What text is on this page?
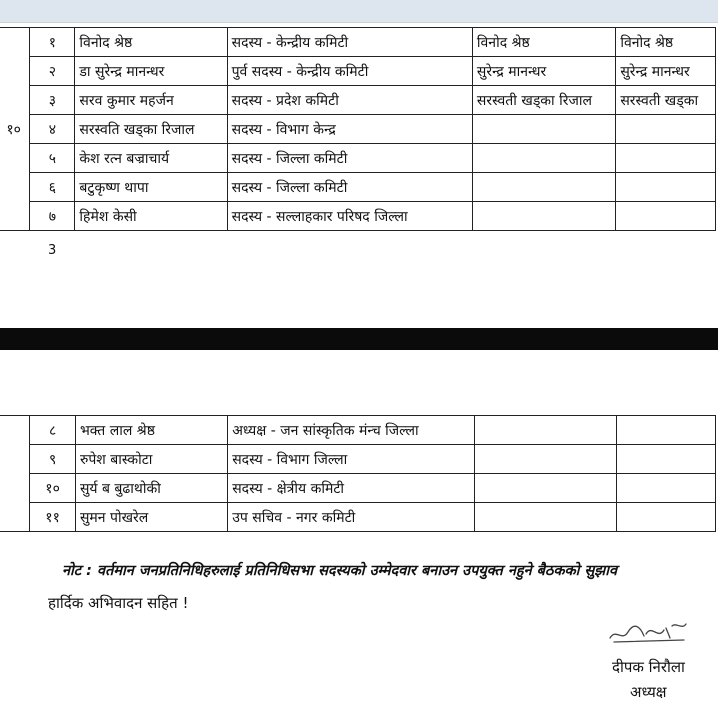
१०	१	विनोद श्रेष्ठ	सदस्य - केन्द्रीय कमिटी	विनोद श्रेष्ठ	विनोद श्रेष्ठ
	२	डा सुरेन्द्र मानन्धर	पुर्व सदस्य - केन्द्रीय कमिटी	सुरेन्द्र मानन्धर	सुरेन्द्र मानन्धर
	३	सरव कुमार महर्जन	सदस्य - प्रदेश कमिटी	सरस्वती खड्का रिजाल	सरस्वती खड्का
	४	सरस्वति खड्का रिजाल	सदस्य - विभाग केन्द्र		
	५	केश रत्न बज्राचार्य	सदस्य - जिल्ला कमिटी		
	६	बटुकृष्ण थापा	सदस्य - जिल्ला कमिटी		
	७	हिमेश केसी	सदस्य - सल्लाहकार परिषद जिल्ला		
3
	८	भक्त लाल श्रेष्ठ	अध्यक्ष - जन सांस्कृतिक मंन्च जिल्ला		
	९	रुपेश बास्कोटा	सदस्य - विभाग जिल्ला		
	१०	सुर्य ब बुढाथोकी	सदस्य - क्षेत्रीय कमिटी		
	११	सुमन पोखरेल	उप सचिव - नगर कमिटी		
नोट : वर्तमान जनप्रतिनिधिहरुलाई प्रतिनिधिसभा सदस्यको उम्मेदवार बनाउन उपयुक्त नहुने बैठकको सुझाव
हार्दिक अभिवादन सहित !
दीपक निरौला
अध्यक्ष
